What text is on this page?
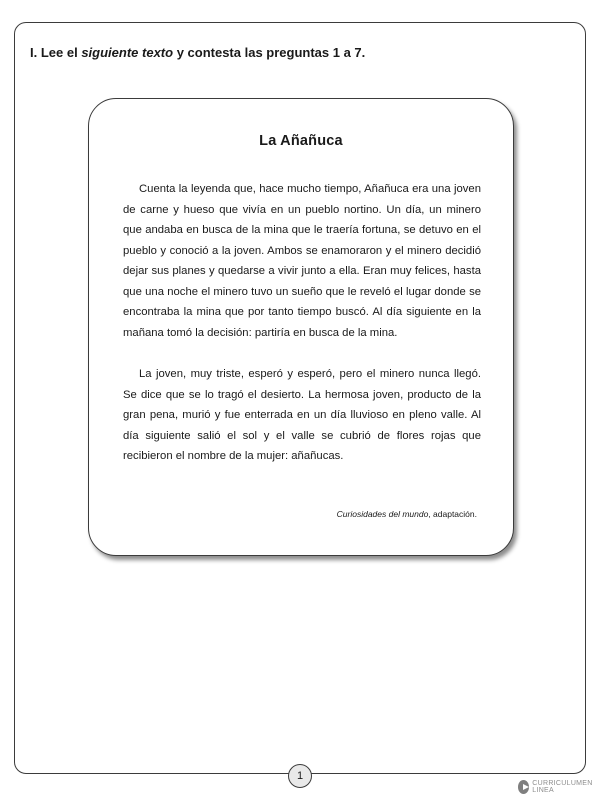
I. Lee el siguiente texto y contesta las preguntas 1 a 7.
La Añañuca

Cuenta la leyenda que, hace mucho tiempo, Añañuca era una joven de carne y hueso que vivía en un pueblo nortino. Un día, un minero que andaba en busca de la mina que le traería fortuna, se detuvo en el pueblo y conoció a la joven. Ambos se enamoraron y el minero decidió dejar sus planes y quedarse a vivir junto a ella. Eran muy felices, hasta que una noche el minero tuvo un sueño que le reveló el lugar donde se encontraba la mina que por tanto tiempo buscó. Al día siguiente en la mañana tomó la decisión: partiría en busca de la mina.

La joven, muy triste, esperó y esperó, pero el minero nunca llegó. Se dice que se lo tragó el desierto. La hermosa joven, producto de la gran pena, murió y fue enterrada en un día lluvioso en pleno valle. Al día siguiente salió el sol y el valle se cubrió de flores rojas que recibieron el nombre de la mujer: añañucas.

Curiosidades del mundo, adaptación.
1
CURRICULUMEN LINEA
